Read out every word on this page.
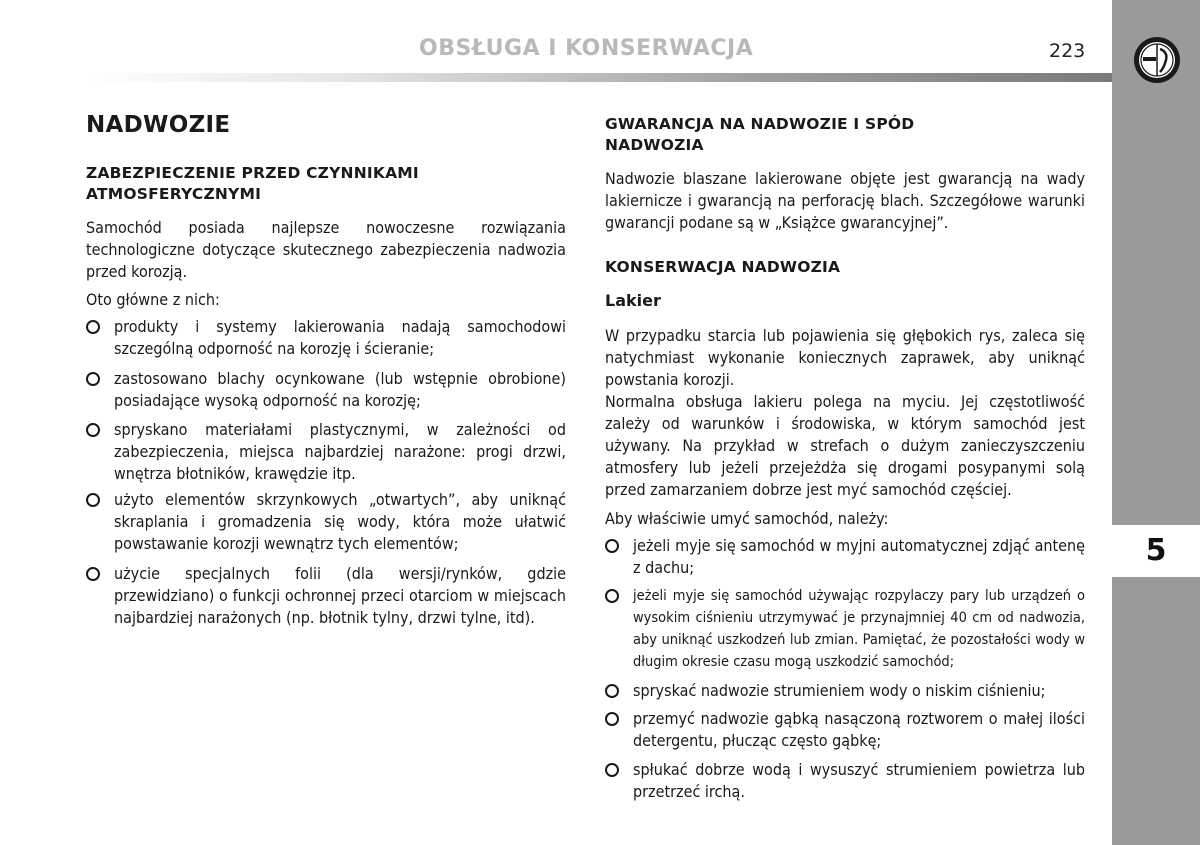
5
OBSŁUGA I KONSERWACJA	223
NADWOZIE
ZABEZPIECZENIE PRZED CZYNNIKAMI ATMOSFERYCZNYMI

Samochód posiada najlepsze nowoczesne rozwiązania technologiczne dotyczące skutecznego zabezpieczenia nadwozia przed korozją.

Oto główne z nich:

produkty i systemy lakierowania nadają samochodowi szczególną odporność na korozję i ścieranie;
zastosowano blachy ocynkowane (lub wstępnie obrobione) posiadające wysoką odporność na korozję;
spryskano materiałami plastycznymi, w zależności od zabezpieczenia, miejsca najbardziej narażone: progi drzwi, wnętrza błotników, krawędzie itp.
użyto elementów skrzynkowych „otwartych”, aby uniknąć skraplania i gromadzenia się wody, która może ułatwić powstawanie korozji wewnątrz tych elementów;
użycie specjalnych folii (dla wersji/rynków, gdzie przewidziano) o funkcji ochronnej przeci otarciom w miejscach najbardziej narażonych (np. błotnik tylny, drzwi tylne, itd).
GWARANCJA NA NADWOZIE I SPÓD NADWOZIA

Nadwozie blaszane lakierowane objęte jest gwarancją na wady lakiernicze i gwarancją na perforację blach. Szczegółowe warunki gwarancji podane są w „Książce gwarancyjnej”.

KONSERWACJA NADWOZIA
Lakier

W przypadku starcia lub pojawienia się głębokich rys, zaleca się natychmiast wykonanie koniecznych zaprawek, aby uniknąć powstania korozji.

Normalna obsługa lakieru polega na myciu. Jej częstotliwość zależy od warunków i środowiska, w którym samochód jest używany. Na przykład w strefach o dużym zanieczyszczeniu atmosfery lub jeżeli przejeżdża się drogami posypanymi solą przed zamarzaniem dobrze jest myć samochód częściej.

Aby właściwie umyć samochód, należy:

jeżeli myje się samochód w myjni automatycznej zdjąć antenę z dachu;
jeżeli myje się samochód używając rozpylaczy pary lub urządzeń o wysokim ciśnieniu utrzymywać je przynajmniej 40 cm od nadwozia, aby uniknąć uszkodzeń lub zmian. Pamiętać, że pozostałości wody w długim okresie czasu mogą uszkodzić samochód;
spryskać nadwozie strumieniem wody o niskim ciśnieniu;
przemyć nadwozie gąbką nasączoną roztworem o małej ilości detergentu, płucząc często gąbkę;
spłukać dobrze wodą i wysuszyć strumieniem powietrza lub przetrzeć irchą.
